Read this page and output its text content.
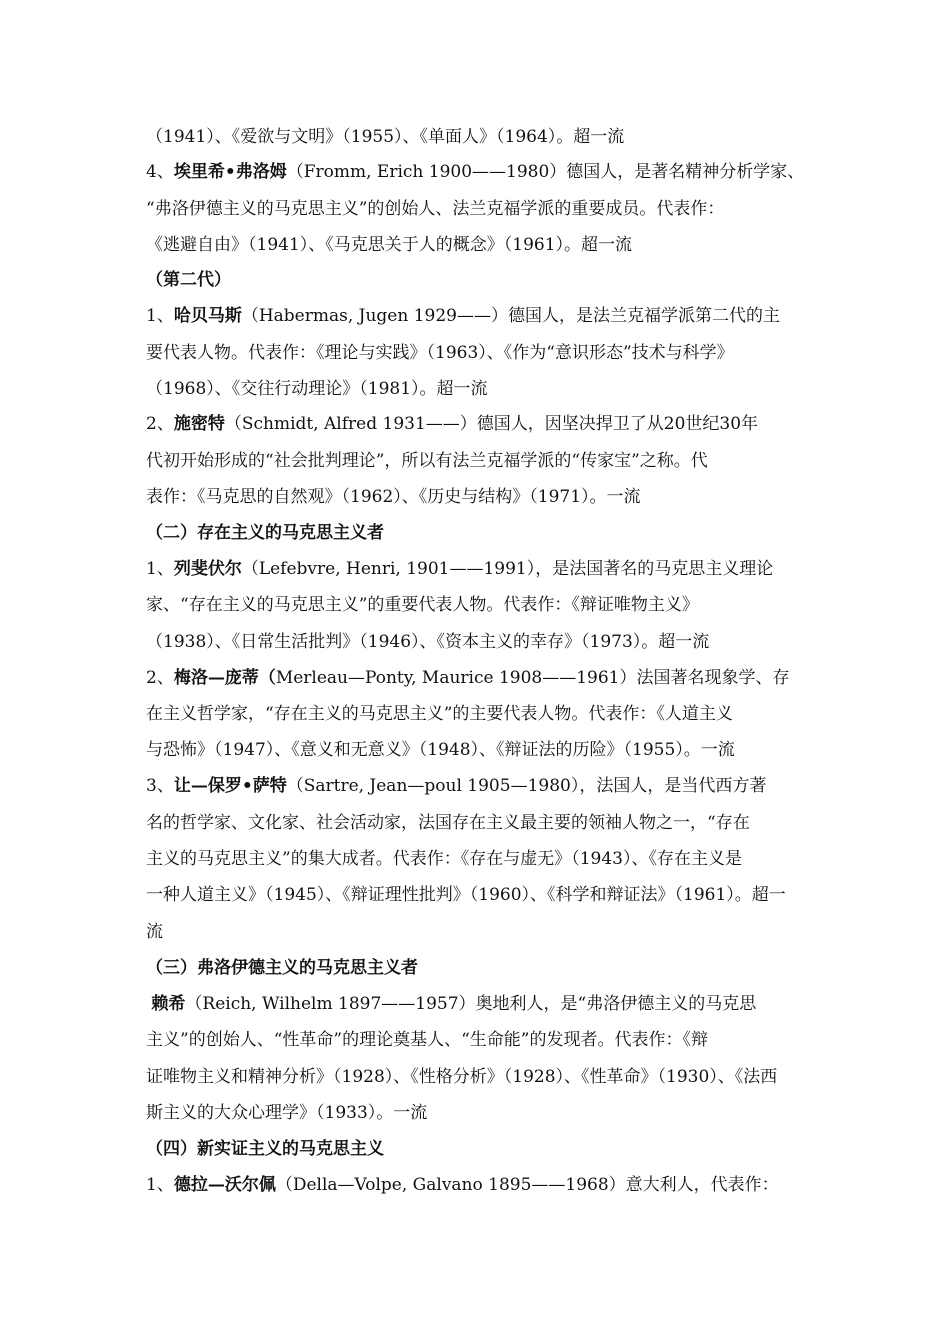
（1941）、《爱欲与文明》（1955）、《单面人》（1964）。超一流
4、埃里希•弗洛姆（Fromm, Erich 1900——1980）德国人，是著名精神分析学家、
“弗洛伊德主义的马克思主义”的创始人、法兰克福学派的重要成员。代表作：
《逃避自由》（1941）、《马克思关于人的概念》（1961）。超一流
（第二代）
1、哈贝马斯（Habermas, Jugen 1929——）德国人，是法兰克福学派第二代的主
要代表人物。代表作：《理论与实践》（1963）、《作为“意识形态”技术与科学》
（1968）、《交往行动理论》（1981）。超一流
2、施密特（Schmidt, Alfred 1931——）德国人，因坚决捍卫了从20世纪30年
代初开始形成的“社会批判理论”，所以有法兰克福学派的“传家宝”之称。代
表作：《马克思的自然观》（1962）、《历史与结构》（1971）。一流
（二）存在主义的马克思主义者
1、列斐伏尔（Lefebvre, Henri, 1901——1991），是法国著名的马克思主义理论
家、“存在主义的马克思主义”的重要代表人物。代表作：《辩证唯物主义》
（1938）、《日常生活批判》（1946）、《资本主义的幸存》（1973）。超一流
2、梅洛—庞蒂（Merleau—Ponty, Maurice 1908——1961）法国著名现象学、存
在主义哲学家，“存在主义的马克思主义”的主要代表人物。代表作：《人道主义
与恐怖》（1947）、《意义和无意义》（1948）、《辩证法的历险》（1955）。一流
3、让—保罗•萨特（Sartre, Jean—poul 1905—1980），法国人，是当代西方著
名的哲学家、文化家、社会活动家，法国存在主义最主要的领袖人物之一，“存在
主义的马克思主义”的集大成者。代表作：《存在与虚无》（1943）、《存在主义是
一种人道主义》（1945）、《辩证理性批判》（1960）、《科学和辩证法》（1961）。超一
流
（三）弗洛伊德主义的马克思主义者
赖希（Reich, Wilhelm 1897——1957）奥地利人，是“弗洛伊德主义的马克思
主义”的创始人、“性革命”的理论奠基人、“生命能”的发现者。代表作：《辩
证唯物主义和精神分析》（1928）、《性格分析》（1928）、《性革命》（1930）、《法西
斯主义的大众心理学》（1933）。一流
（四）新实证主义的马克思主义
1、德拉—沃尔佩（Della—Volpe, Galvano 1895——1968）意大利人，代表作：
